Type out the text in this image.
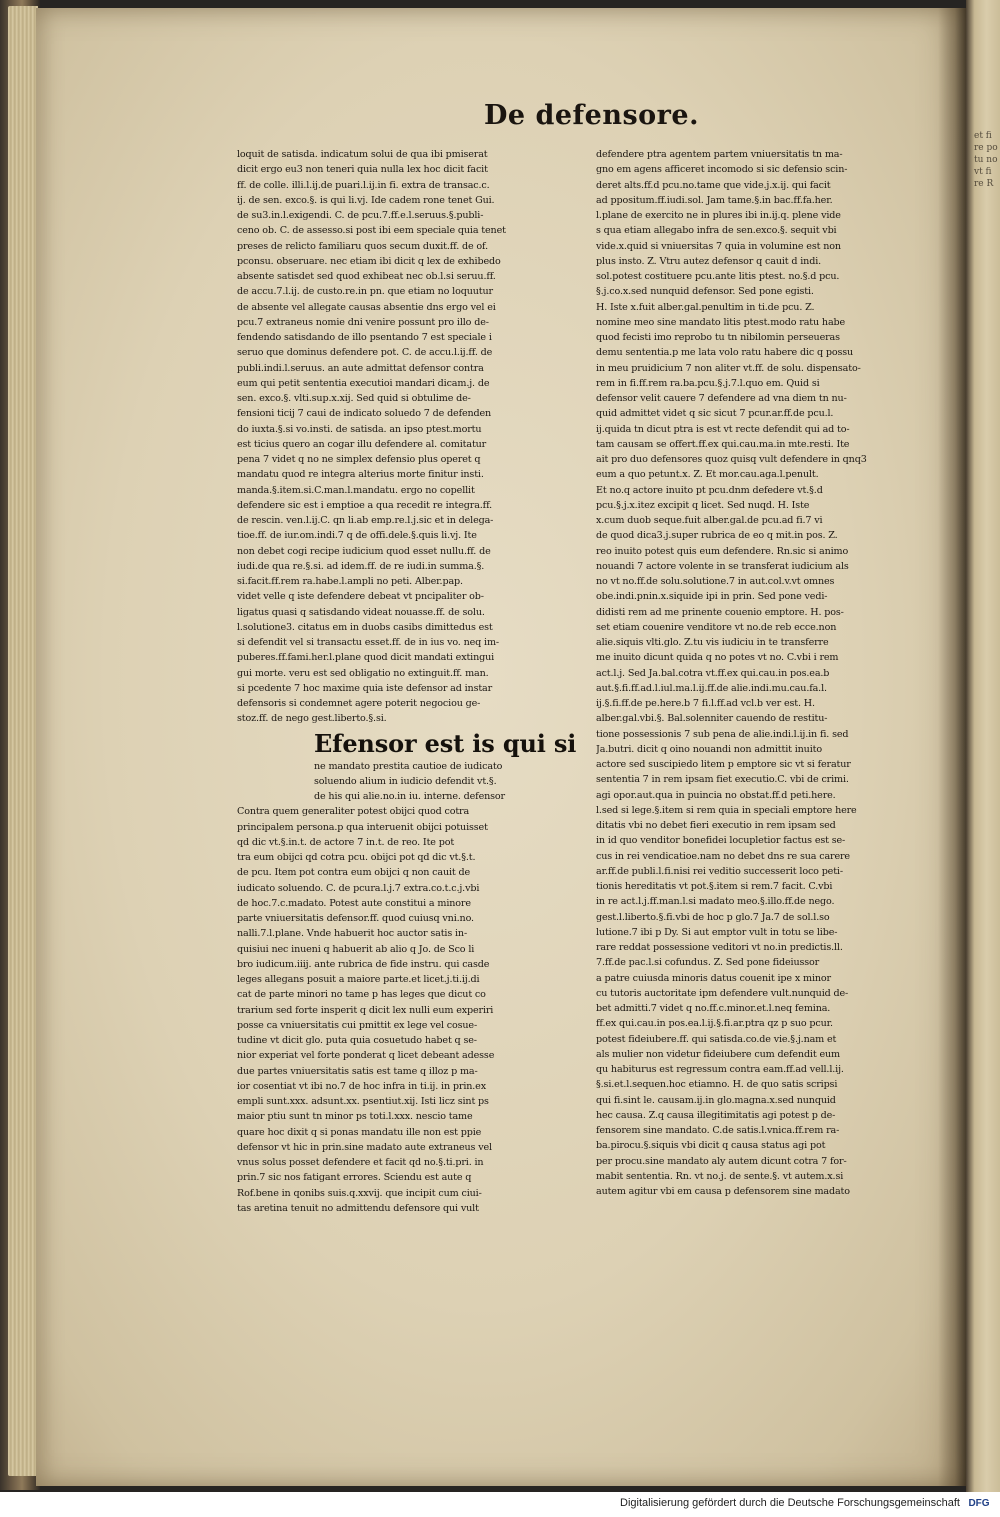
et fi re po tu no vt fi re R
De defensore.
loquit de satisda. indicatum solui de qua ibi pmiserat
dicit ergo eu3 non teneri quia nulla lex hoc dicit facit
ff. de colle. illi.l.ij.de puari.l.ij.in fi. extra de transac.c.
ij. de sen. exco.§. is qui li.vj. Ide cadem rone tenet Gui.
de su3.in.l.exigendi. C. de pcu.7.ff.e.l.seruus.§.publi-
ceno ob. C. de assesso.si post ibi eem speciale quia tenet
preses de relicto familiaru quos secum duxit.ff. de of.
pconsu. obseruare. nec etiam ibi dicit q lex de exhibedo
absente satisdet sed quod exhibeat nec ob.l.si seruu.ff.
de accu.7.l.ij. de custo.re.in pn. que etiam no loquutur
de absente vel allegate causas absentie dns ergo vel ei
pcu.7 extraneus nomie dni venire possunt pro illo de-
fendendo satisdando de illo psentando 7 est speciale i
seruo que dominus defendere pot. C. de accu.l.ij.ff. de
publi.indi.l.seruus. an aute admittat defensor contra
eum qui petit sententia executioi mandari dicam.j. de
sen. exco.§. vlti.sup.x.xij. Sed quid si obtulime de-
fensioni ticij 7 caui de indicato soluedo 7 de defenden
do iuxta.§.si vo.insti. de satisda. an ipso ptest.mortu
est ticius quero an cogar illu defendere al. comitatur
pena 7 videt q no ne simplex defensio plus operet q
mandatu quod re integra alterius morte finitur insti.
manda.§.item.si.C.man.l.mandatu. ergo no copellit
defendere sic est i emptioe a qua recedit re integra.ff.
de rescin. ven.l.ij.C. qn li.ab emp.re.l.j.sic et in delega-
tioe.ff. de iur.om.indi.7 q de offi.dele.§.quis li.vj. Ite
non debet cogi recipe iudicium quod esset nullu.ff. de
iudi.de qua re.§.si. ad idem.ff. de re iudi.in summa.§.
si.facit.ff.rem ra.habe.l.ampli no peti. Alber.pap.
videt velle q iste defendere debeat vt pncipaliter ob-
ligatus quasi q satisdando videat nouasse.ff. de solu.
l.solutione3. citatus em in duobs casibs dimittedus est
si defendit vel si transactu esset.ff. de in ius vo. neq im-
puberes.ff.fami.her.l.plane quod dicit mandati extingui
gui morte. veru est sed obligatio no extinguit.ff. man.
si pcedente 7 hoc maxime quia iste defensor ad instar
defensoris si condemnet agere poterit negociou ge-
stoz.ff. de nego gest.liberto.§.si.
Efensor est is qui si
ne mandato prestita cautioe de iudicato
soluendo alium in iudicio defendit vt.§.
de his qui alie.no.in iu. interne. defensor
Contra quem generaliter potest obijci quod cotra
principalem persona.p qua interuenit obijci potuisset
qd dic vt.§.in.t. de actore 7 in.t. de reo. Ite pot
tra eum obijci qd cotra pcu. obijci pot qd dic vt.§.t.
de pcu. Item pot contra eum obijci q non cauit de
iudicato soluendo. C. de pcura.l.j.7 extra.co.t.c.j.vbi
de hoc.7.c.madato. Potest aute constitui a minore
parte vniuersitatis defensor.ff. quod cuiusq vni.no.
nalli.7.l.plane. Vnde habuerit hoc auctor satis in-
quisiui nec inueni q habuerit ab alio q Jo. de Sco li
bro iudicum.iiij. ante rubrica de fide instru. qui casde
leges allegans posuit a maiore parte.et licet.j.ti.ij.di
cat de parte minori no tame p has leges que dicut co
trarium sed forte insperit q dicit lex nulli eum experiri
posse ca vniuersitatis cui pmittit ex lege vel cosue-
tudine vt dicit glo. puta quia cosuetudo habet q se-
nior experiat vel forte ponderat q licet debeant adesse
due partes vniuersitatis satis est tame q illoz p ma-
ior cosentiat vt ibi no.7 de hoc infra in ti.ij. in prin.ex
empli sunt.xxx. adsunt.xx. psentiut.xij. Isti licz sint ps
maior ptiu sunt tn minor ps toti.l.xxx. nescio tame
quare hoc dixit q si ponas mandatu ille non est ppie
defensor vt hic in prin.sine madato aute extraneus vel
vnus solus posset defendere et facit qd no.§.ti.pri. in
prin.7 sic nos fatigant errores. Sciendu est aute q
Rof.bene in qonibs suis.q.xxvij. que incipit cum ciui-
tas aretina tenuit no admittendu defensore qui vult
defendere ptra agentem partem vniuersitatis tn ma-
gno em agens afficeret incomodo si sic defensio scin-
deret alts.ff.d pcu.no.tame que vide.j.x.ij. qui facit
ad ppositum.ff.iudi.sol. Jam tame.§.in bac.ff.fa.her.
l.plane de exercito ne in plures ibi in.ij.q. plene vide
s qua etiam allegabo infra de sen.exco.§. sequit vbi
vide.x.quid si vniuersitas 7 quia in volumine est non
plus insto. Z. Vtru autez defensor q cauit d indi.
sol.potest costituere pcu.ante litis ptest. no.§.d pcu.
§.j.co.x.sed nunquid defensor. Sed pone egisti.
H. Iste x.fuit alber.gal.penultim in ti.de pcu. Z.
nomine meo sine mandato litis ptest.modo ratu habe
quod fecisti imo reprobo tu tn nibilomin perseueras
demu sententia.p me lata volo ratu habere dic q possu
in meu pruidicium 7 non aliter vt.ff. de solu. dispensato-
rem in fi.ff.rem ra.ba.pcu.§.j.7.l.quo em. Quid si
defensor velit cauere 7 defendere ad vna diem tn nu-
quid admittet videt q sic sicut 7 pcur.ar.ff.de pcu.l.
ij.quida tn dicut ptra is est vt recte defendit qui ad to-
tam causam se offert.ff.ex qui.cau.ma.in mte.resti. Ite
ait pro duo defensores quoz quisq vult defendere in qnq3
eum a quo petunt.x. Z. Et mor.cau.aga.l.penult.
Et no.q actore inuito pt pcu.dnm defedere vt.§.d
pcu.§.j.x.itez excipit q licet. Sed nuqd. H. Iste
x.cum duob seque.fuit alber.gal.de pcu.ad fi.7 vi
de quod dica3.j.super rubrica de eo q mit.in pos. Z.
reo inuito potest quis eum defendere. Rn.sic si animo
nouandi 7 actore volente in se transferat iudicium als
no vt no.ff.de solu.solutione.7 in aut.col.v.vt omnes
obe.indi.pnin.x.siquide ipi in prin. Sed pone vedi-
didisti rem ad me prinente couenio emptore. H. pos-
set etiam couenire venditore vt no.de reb ecce.non
alie.siquis vlti.glo. Z.tu vis iudiciu in te transferre
me inuito dicunt quida q no potes vt no. C.vbi i rem
act.l.j. Sed Ja.bal.cotra vt.ff.ex qui.cau.in pos.ea.b
aut.§.fi.ff.ad.l.iul.ma.l.ij.ff.de alie.indi.mu.cau.fa.l.
ij.§.fi.ff.de pe.here.b 7 fi.l.ff.ad vcl.b ver est. H.
alber.gal.vbi.§. Bal.solenniter cauendo de restitu-
tione possessionis 7 sub pena de alie.indi.l.ij.in fi. sed
Ja.butri. dicit q oino nouandi non admittit inuito
actore sed suscipiedo litem p emptore sic vt si feratur
sententia 7 in rem ipsam fiet executio.C. vbi de crimi.
agi opor.aut.qua in puincia no obstat.ff.d peti.here.
l.sed si lege.§.item si rem quia in speciali emptore here
ditatis vbi no debet fieri executio in rem ipsam sed
in id quo venditor bonefidei locupletior factus est se-
cus in rei vendicatioe.nam no debet dns re sua carere
ar.ff.de publi.l.fi.nisi rei veditio successerit loco peti-
tionis hereditatis vt pot.§.item si rem.7 facit. C.vbi
in re act.l.j.ff.man.l.si madato meo.§.illo.ff.de nego.
gest.l.liberto.§.fi.vbi de hoc p glo.7 Ja.7 de sol.l.so
lutione.7 ibi p Dy. Si aut emptor vult in totu se libe-
rare reddat possessione veditori vt no.in predictis.ll.
7.ff.de pac.l.si cofundus. Z. Sed pone fideiussor
a patre cuiusda minoris datus couenit ipe x minor
cu tutoris auctoritate ipm defendere vult.nunquid de-
bet admitti.7 videt q no.ff.c.minor.et.l.neq femina.
ff.ex qui.cau.in pos.ea.l.ij.§.fi.ar.ptra qz p suo pcur.
potest fideiubere.ff. qui satisda.co.de vie.§.j.nam et
als mulier non videtur fideiubere cum defendit eum
qu habiturus est regressum contra eam.ff.ad vell.l.ij.
§.si.et.l.sequen.hoc etiamno. H. de quo satis scripsi
qui fi.sint le. causam.ij.in glo.magna.x.sed nunquid
hec causa. Z.q causa illegitimitatis agi potest p de-
fensorem sine mandato. C.de satis.l.vnica.ff.rem ra-
ba.pirocu.§.siquis vbi dicit q causa status agi pot
per procu.sine mandato aly autem dicunt cotra 7 for-
mabit sententia. Rn. vt no.j. de sente.§. vt autem.x.si
autem agitur vbi em causa p defensorem sine madato
Digitalisierung gefördert durch die Deutsche Forschungsgemeinschaft DFG
